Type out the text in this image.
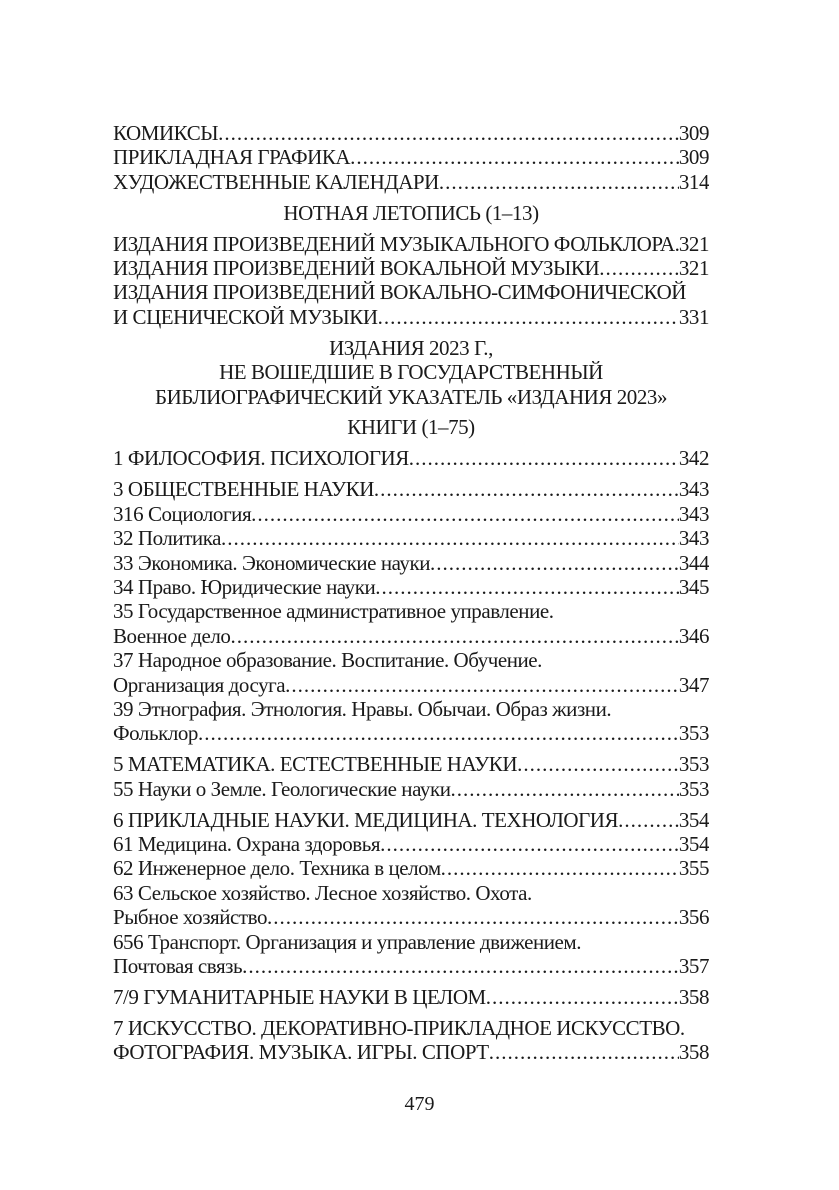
КОМИКСЫ .....	309
ПРИКЛАДНАЯ ГРАФИКА .....	309
ХУДОЖЕСТВЕННЫЕ КАЛЕНДАРИ .....	314
НОТНАЯ ЛЕТОПИСЬ (1–13)
ИЗДАНИЯ ПРОИЗВЕДЕНИЙ МУЗЫКАЛЬНОГО ФОЛЬКЛОРА ..... 321
ИЗДАНИЯ ПРОИЗВЕДЕНИЙ ВОКАЛЬНОЙ МУЗЫКИ .....	321
ИЗДАНИЯ ПРОИЗВЕДЕНИЙ ВОКАЛЬНО-СИМФОНИЧЕСКОЙ
И СЦЕНИЧЕСКОЙ МУЗЫКИ .....	331
ИЗДАНИЯ 2023 Г.,
НЕ ВОШЕДШИЕ В ГОСУДАРСТВЕННЫЙ
БИБЛИОГРАФИЧЕСКИЙ УКАЗАТЕЛЬ «ИЗДАНИЯ 2023»
КНИГИ (1–75)
1 ФИЛОСОФИЯ. ПСИХОЛОГИЯ .....	342
3 ОБЩЕСТВЕННЫЕ НАУКИ .....	343
316 Социология .....	343
32 Политика .....	343
33 Экономика. Экономические науки .....	344
34 Право. Юридические науки .....	345
35 Государственное административное управление.
Военное дело .....	346
37 Народное образование. Воспитание. Обучение.
Организация досуга .....	347
39 Этнография. Этнология. Нравы. Обычаи. Образ жизни.
Фольклор .....	353
5 МАТЕМАТИКА. ЕСТЕСТВЕННЫЕ НАУКИ .....	353
55 Науки о Земле. Геологические науки .....	353
6 ПРИКЛАДНЫЕ НАУКИ. МЕДИЦИНА. ТЕХНОЛОГИЯ .....	354
61 Медицина. Охрана здоровья .....	354
62 Инженерное дело. Техника в целом .....	355
63 Сельское хозяйство. Лесное хозяйство. Охота.
Рыбное хозяйство .....	356
656 Транспорт. Организация и управление движением.
Почтовая связь .....	357
7/9 ГУМАНИТАРНЫЕ НАУКИ В ЦЕЛОМ .....	358
7 ИСКУССТВО. ДЕКОРАТИВНО-ПРИКЛАДНОЕ ИСКУССТВО.
ФОТОГРАФИЯ. МУЗЫКА. ИГРЫ. СПОРТ .....	358
479
